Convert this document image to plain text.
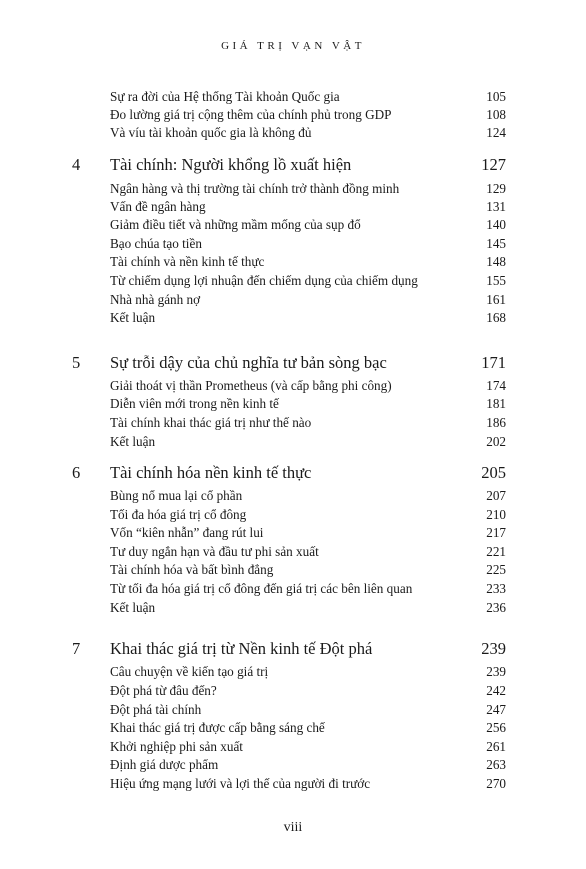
GIÁ TRỊ VẠN VẬT
Sự ra đời của Hệ thống Tài khoản Quốc gia	105
Đo lường giá trị cộng thêm của chính phủ trong GDP	108
Và víu tài khoản quốc gia là không đủ	124
4 Tài chính: Người khổng lồ xuất hiện	127
Ngân hàng và thị trường tài chính trở thành đồng minh	129
Vấn đề ngân hàng	131
Giảm điều tiết và những mầm mống của sụp đổ	140
Bạo chúa tạo tiền	145
Tài chính và nền kinh tế thực	148
Từ chiếm dụng lợi nhuận đến chiếm dụng của chiếm dụng	155
Nhà nhà gánh nợ	161
Kết luận	168
5 Sự trỗi dậy của chủ nghĩa tư bản sòng bạc	171
Giải thoát vị thần Prometheus (và cấp bằng phi công)	174
Diễn viên mới trong nền kinh tế	181
Tài chính khai thác giá trị như thế nào	186
Kết luận	202
6 Tài chính hóa nền kinh tế thực	205
Bùng nổ mua lại cổ phần	207
Tối đa hóa giá trị cổ đông	210
Vốn “kiên nhẫn” đang rút lui	217
Tư duy ngắn hạn và đầu tư phi sản xuất	221
Tài chính hóa và bất bình đẳng	225
Từ tối đa hóa giá trị cổ đông đến giá trị các bên liên quan	233
Kết luận	236
7 Khai thác giá trị từ Nền kinh tế Đột phá	239
Câu chuyện về kiến tạo giá trị	239
Đột phá từ đâu đến?	242
Đột phá tài chính	247
Khai thác giá trị được cấp bằng sáng chế	256
Khởi nghiệp phi sản xuất	261
Định giá dược phẩm	263
Hiệu ứng mạng lưới và lợi thế của người đi trước	270
viii
